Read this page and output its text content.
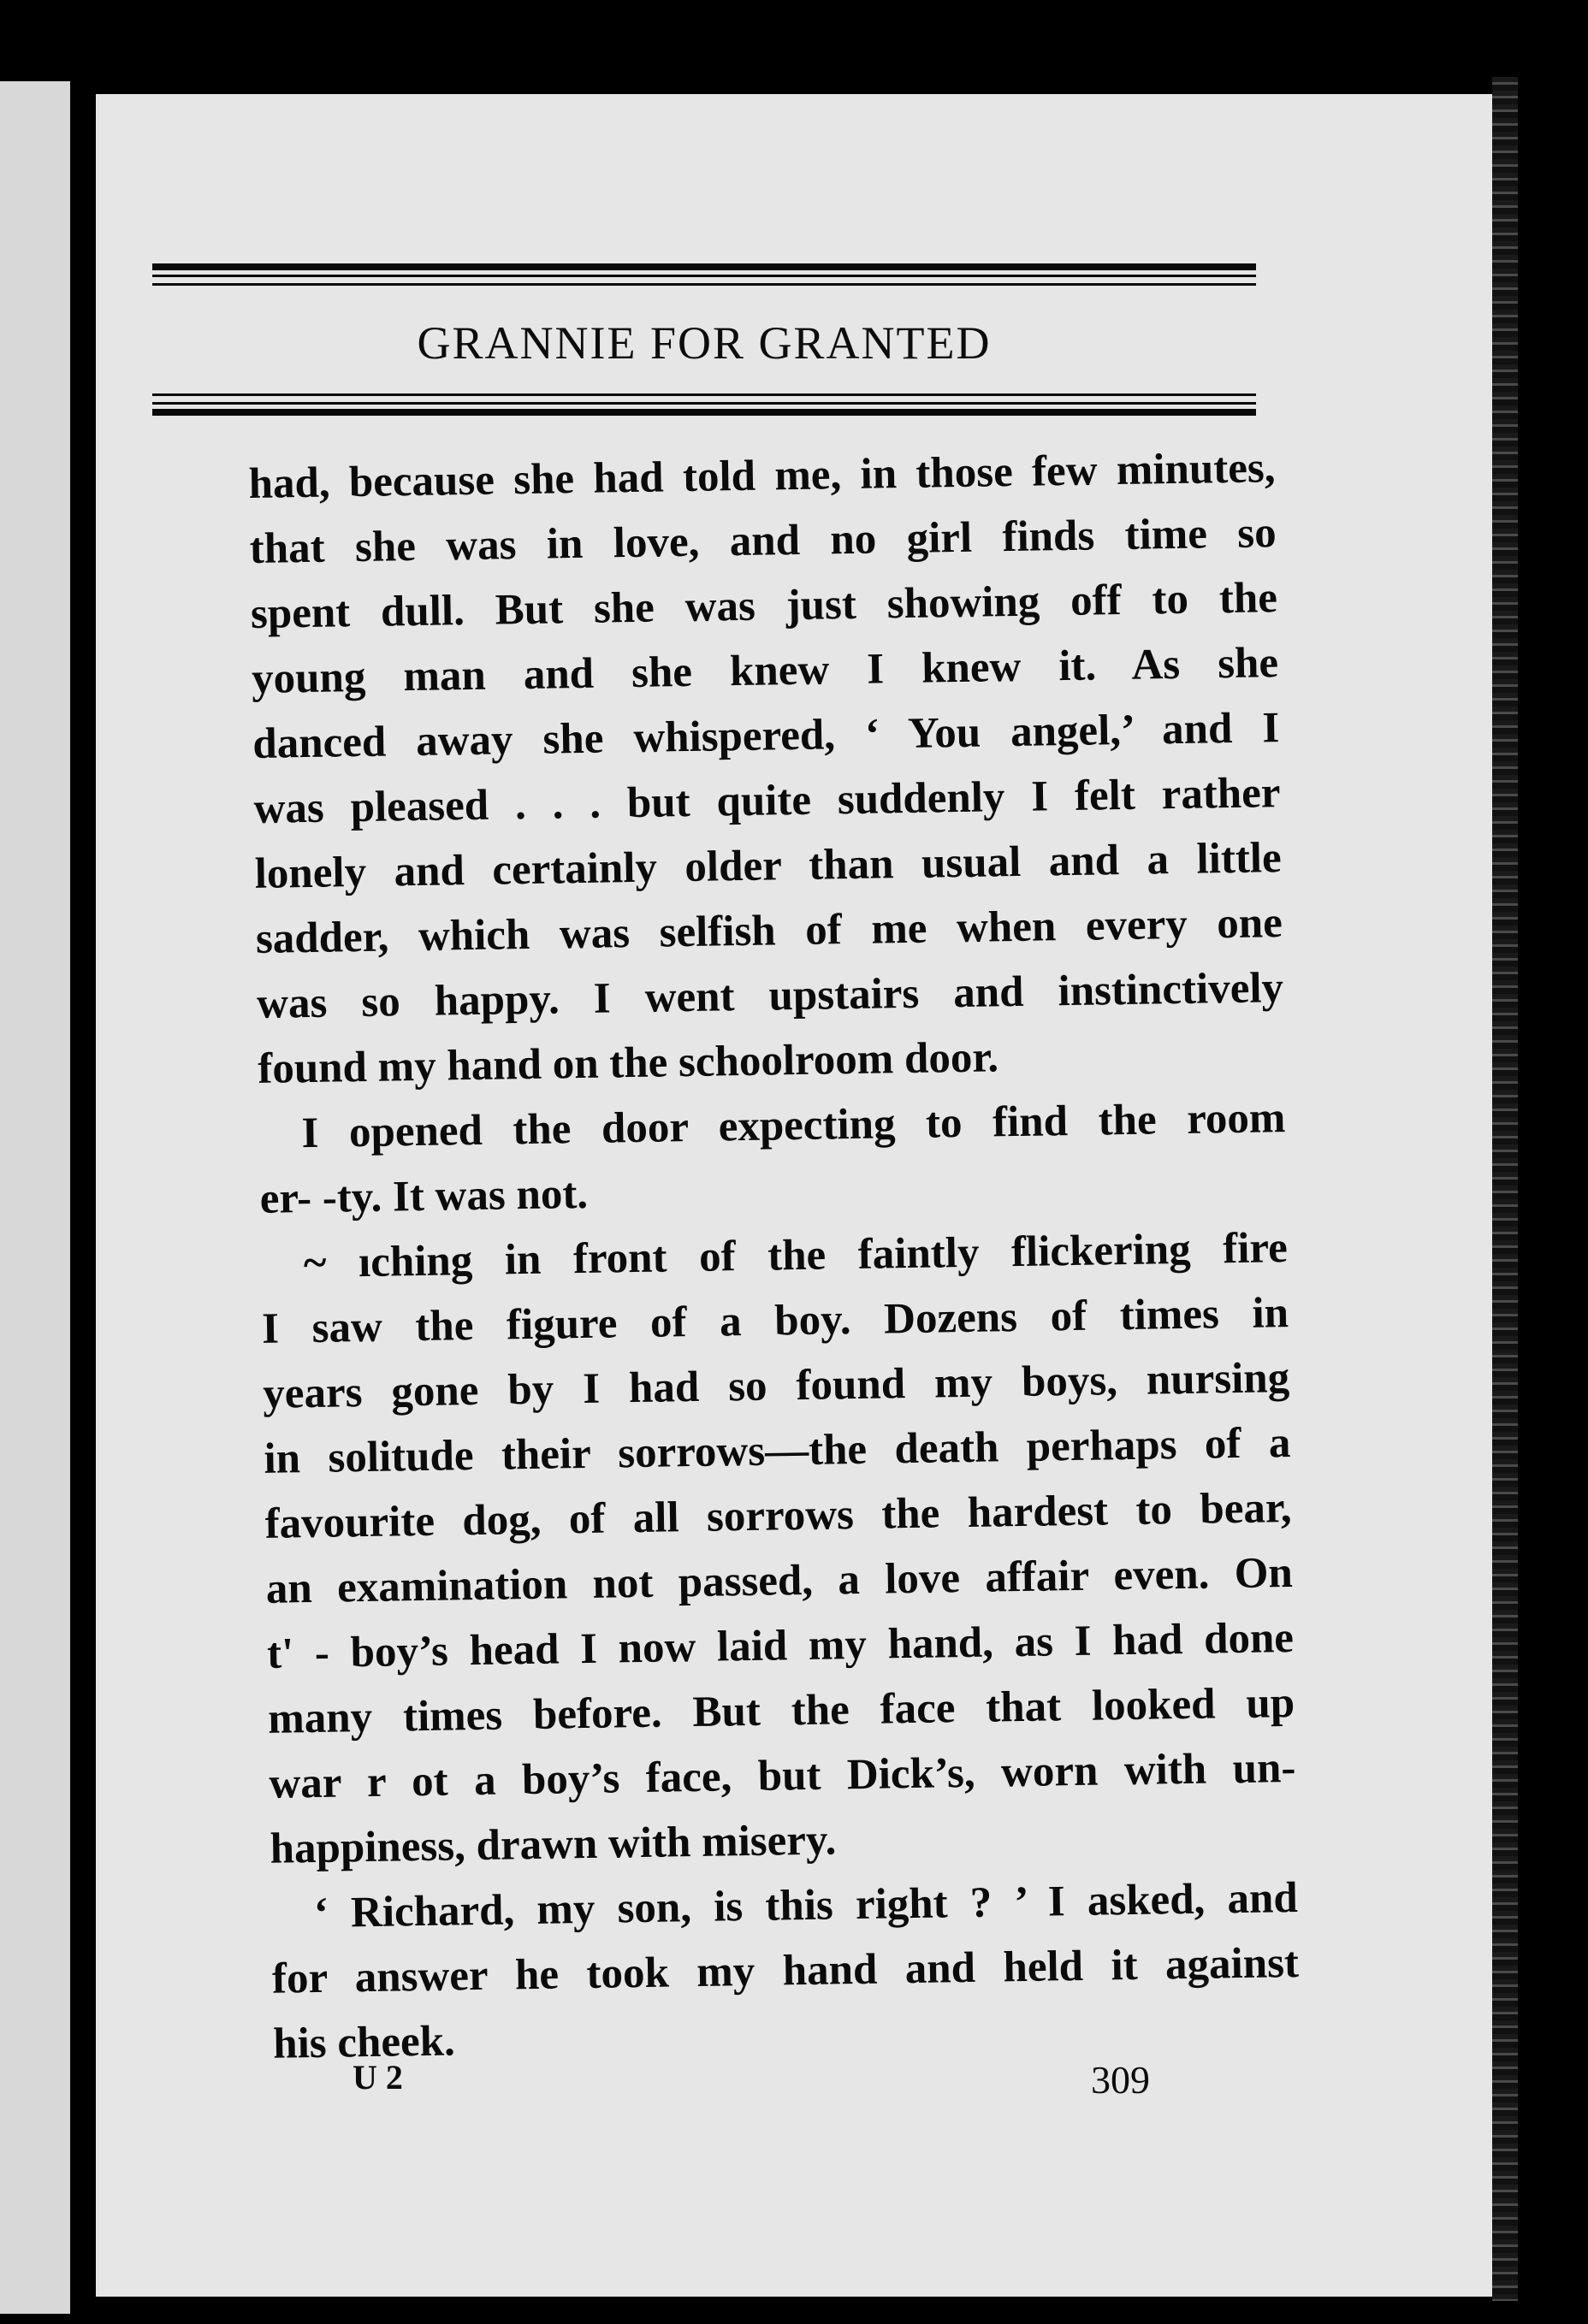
GRANNIE FOR GRANTED
had, because she had told me, in those few minutes,
that she was in love, and no girl finds time so
spent dull. But she was just showing off to the
young man and she knew I knew it. As she
danced away she whispered, ‘ You angel,’ and I
was pleased . . . but quite suddenly I felt rather
lonely and certainly older than usual and a little
sadder, which was selfish of me when every one
was so happy. I went upstairs and instinctively
found my hand on the schoolroom door.
I opened the door expecting to find the room
er- -ty. It was not.
~ ıching in front of the faintly flickering fire
I saw the figure of a boy. Dozens of times in
years gone by I had so found my boys, nursing
in solitude their sorrows—the death perhaps of a
favourite dog, of all sorrows the hardest to bear,
an examination not passed, a love affair even. On
t' - boy’s head I now laid my hand, as I had done
many times before. But the face that looked up
war r ot a boy’s face, but Dick’s, worn with un-
happiness, drawn with misery.
‘ Richard, my son, is this right ? ’ I asked, and
for answer he took my hand and held it against
his cheek.
U 2	309
